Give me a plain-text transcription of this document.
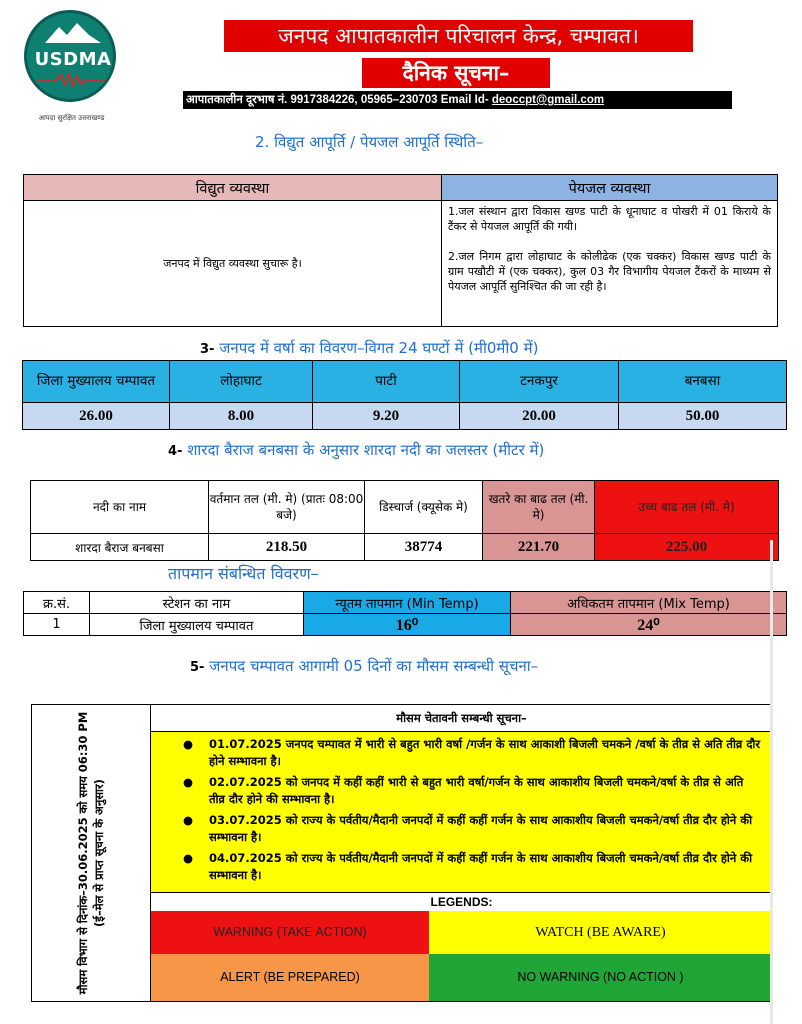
USDMA
आपदा सुरक्षित उत्तराखण्ड
जनपद आपातकालीन परिचालन केन्द्र, चम्पावत।
दैनिक सूचना–
आपातकालीन दूरभाष नं. 9917384226, 05965–230703 Email Id- deoccpt@gmail.com
2. विद्युत आपूर्ति / पेयजल आपूर्ति स्थिति–
विद्युत व्यवस्था	पेयजल व्यवस्था
जनपद में विद्युत व्यवस्था सुचारू है।	1.जल संस्थान द्वारा विकास खण्ड पाटी के धूनाघाट व पोखरी में 01 किराये के टैंकर से पेयजल आपूर्ति की गयी।
2.जल निगम द्वारा लोहाघाट के कोलीढेक (एक चक्कर) विकास खण्ड पाटी के ग्राम पखौटी में (एक चक्कर), कुल 03 गैर विभागीय पेयजल टैंकरों के माध्यम से पेयजल आपूर्ति सुनिश्चित की जा रही है।
3- जनपद में वर्षा का विवरण–विगत 24 घण्टों में (मी0मी0 में)
जिला मुख्यालय चम्पावत	लोहाघाट	पाटी	टनकपुर	बनबसा
26.00	8.00	9.20	20.00	50.00
4- शारदा बैराज बनबसा के अनुसार शारदा नदी का जलस्तर (मीटर में)
नदी का नाम	वर्तमान तल (मी. मे) (प्रातः 08:00 बजे)	डिस्चार्ज (क्यूसेक मे)	खतरे का बाढ तल (मी. मे)	उच्च बाढ तल (मी. मे)
शारदा बैराज बनबसा	218.50	38774	221.70	225.00
तापमान संबन्धित विवरण–
क्र.सं.	स्टेशन का नाम	न्यूतम तापमान (Min Temp)	अधिकतम तापमान (Mix Temp)
1	जिला मुख्यालय चम्पावत	16⁰	24⁰
5- जनपद चम्पावत आगामी 05 दिनों का मौसम सम्बन्धी सूचना–
मौसम विभाग से दिनांक–30.06.2025 को समय 06:30 PM (ई–मेल से प्राप्त सूचना के अनुसार)
मौसम चेतावनी सम्बन्धी सूचना–
● 01.07.2025 जनपद चम्पावत में भारी से बहुत भारी वर्षा /गर्जन के साथ आकाशी बिजली चमकने /वर्षा के तीव्र से अति तीव्र दौर होने सम्भावना है।
● 02.07.2025 को जनपद में कहीं कहीं भारी से बहुत भारी वर्षा/गर्जन के साथ आकाशीय बिजली चमकने/वर्षा के तीव्र से अति तीव्र दौर होने की सम्भावना है।
● 03.07.2025 को राज्य के पर्वतीय/मैदानी जनपदों में कहीं कहीं गर्जन के साथ आकाशीय बिजली चमकने/वर्षा तीव्र दौर होने की सम्भावना है।
● 04.07.2025 को राज्य के पर्वतीय/मैदानी जनपदों में कहीं कहीं गर्जन के साथ आकाशीय बिजली चमकने/वर्षा तीव्र दौर होने की सम्भावना है।
LEGENDS:
WARNING (TAKE ACTION)	WATCH (BE AWARE)
ALERT (BE PREPARED)	NO WARNING (NO ACTION )
